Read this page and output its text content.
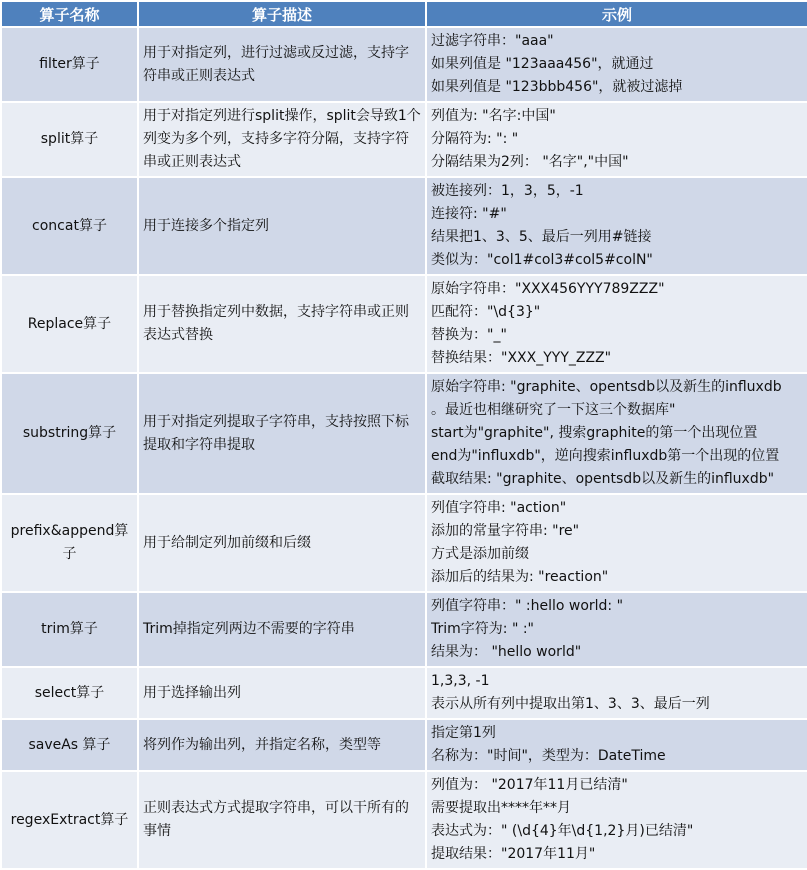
算子名称	算子描述	示例
filter算子	用于对指定列，进行过滤或反过滤，支持字符串或正则表达式	过滤字符串："aaa"
如果列值是 "123aaa456"，就通过
如果列值是 "123bbb456"，就被过滤掉

split算子	用于对指定列进行split操作，split会导致1个列变为多个列，支持多字符分隔，支持字符串或正则表达式	列值为: "名字:中国"
分隔符为: ": "
分隔结果为2列： "名字","中国"

concat算子	用于连接多个指定列	被连接列：1，3，5，-1
连接符: "#"
结果把1、3、5、最后一列用#链接
类似为："col1#col3#col5#colN"

Replace算子	用于替换指定列中数据，支持字符串或正则表达式替换	原始字符串："XXX456YYY789ZZZ"
匹配符："\d{3}"
替换为："_"
替换结果："XXX_YYY_ZZZ"

substring算子	用于对指定列提取子字符串，支持按照下标提取和字符串提取	原始字符串: "graphite、opentsdb以及新生的influxdb
。最近也相继研究了一下这三个数据库"
start为"graphite", 搜索graphite的第一个出现位置
end为"influxdb"，逆向搜索influxdb第一个出现的位置
截取结果: "graphite、opentsdb以及新生的influxdb"

prefix&append算子	用于给制定列加前缀和后缀	列值字符串: "action"
添加的常量字符串: "re"
方式是添加前缀
添加后的结果为: "reaction"

trim算子	Trim掉指定列两边不需要的字符串	列值字符串：" :hello world: "
Trim字符为: " :"
结果为： "hello world"

select算子	用于选择输出列	1,3,3, -1
表示从所有列中提取出第1、3、3、最后一列

saveAs 算子	将列作为输出列，并指定名称，类型等	指定第1列
名称为："时间"，类型为：DateTime

regexExtract算子	正则表达式方式提取字符串，可以干所有的事情	列值为： "2017年11月已结清"
需要提取出****年**月
表达式为：" (\d{4}年\d{1,2}月)已结清"
提取结果："2017年11月"
